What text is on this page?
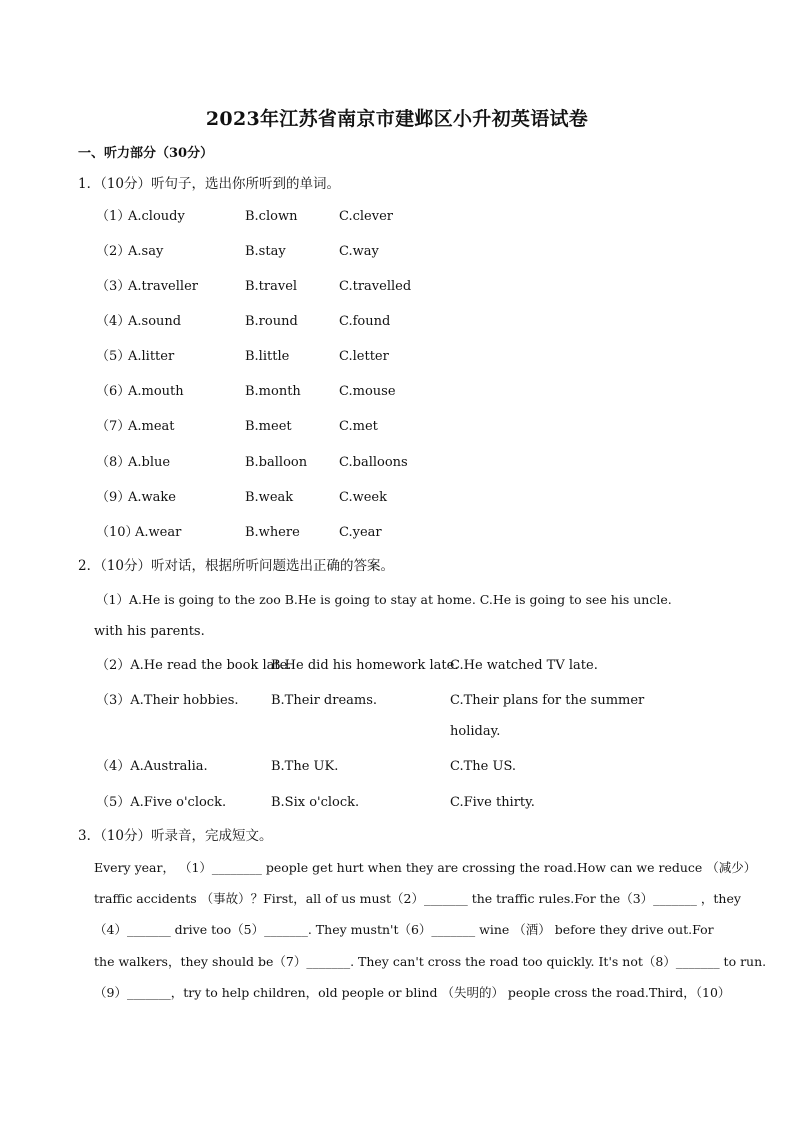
2023年江苏省南京市建邺区小升初英语试卷
一、听力部分（30分）
1．（10分）听句子，选出你所听到的单词。
（1）
A.cloudy	B.clown	C.clever
（2）
A.say	B.stay	C.way
（3）
A.traveller	B.travel	C.travelled
（4）
A.sound	B.round	C.found
（5）
A.litter	B.little	C.letter
（6）
A.mouth	B.month	C.mouse
（7）
A.meat	B.meet	C.met
（8）
A.blue	B.balloon C.balloons
（9）
A.wake	B.weak	C.week
（10）
A.wear	B.where	C.year
2．（10分）听对话，根据所听问题选出正确的答案。
（1）A.He is going to the zoo B.He is going to stay at home. C.He is going to see his uncle.
with his parents.
（2）A.He read the book late.
B.He did his homework late.
C.He watched TV late.
（3）A.Their hobbies. B.Their dreams.	C.Their plans for the summer
holiday.
（4）A.Australia.	B.The UK.	C.The US.
（5）A.Five o'clock.	B.Six o'clock.	C.Five thirty.
3．（10分）听录音，完成短文。
Every year， （1）________ people get hurt when they are crossing the road.How can we reduce （减少）
traffic accidents （事故）？First，all of us must（2）_______ the traffic rules.For the（3）_______ ，they
（4）_______ drive too（5）_______. They mustn't（6）_______ wine （酒） before they drive out.For
the walkers，they should be（7）_______. They can't cross the road too quickly. It's not（8）_______ to run.
（9）_______，try to help children，old people or blind （失明的） people cross the road.Third，（10）
